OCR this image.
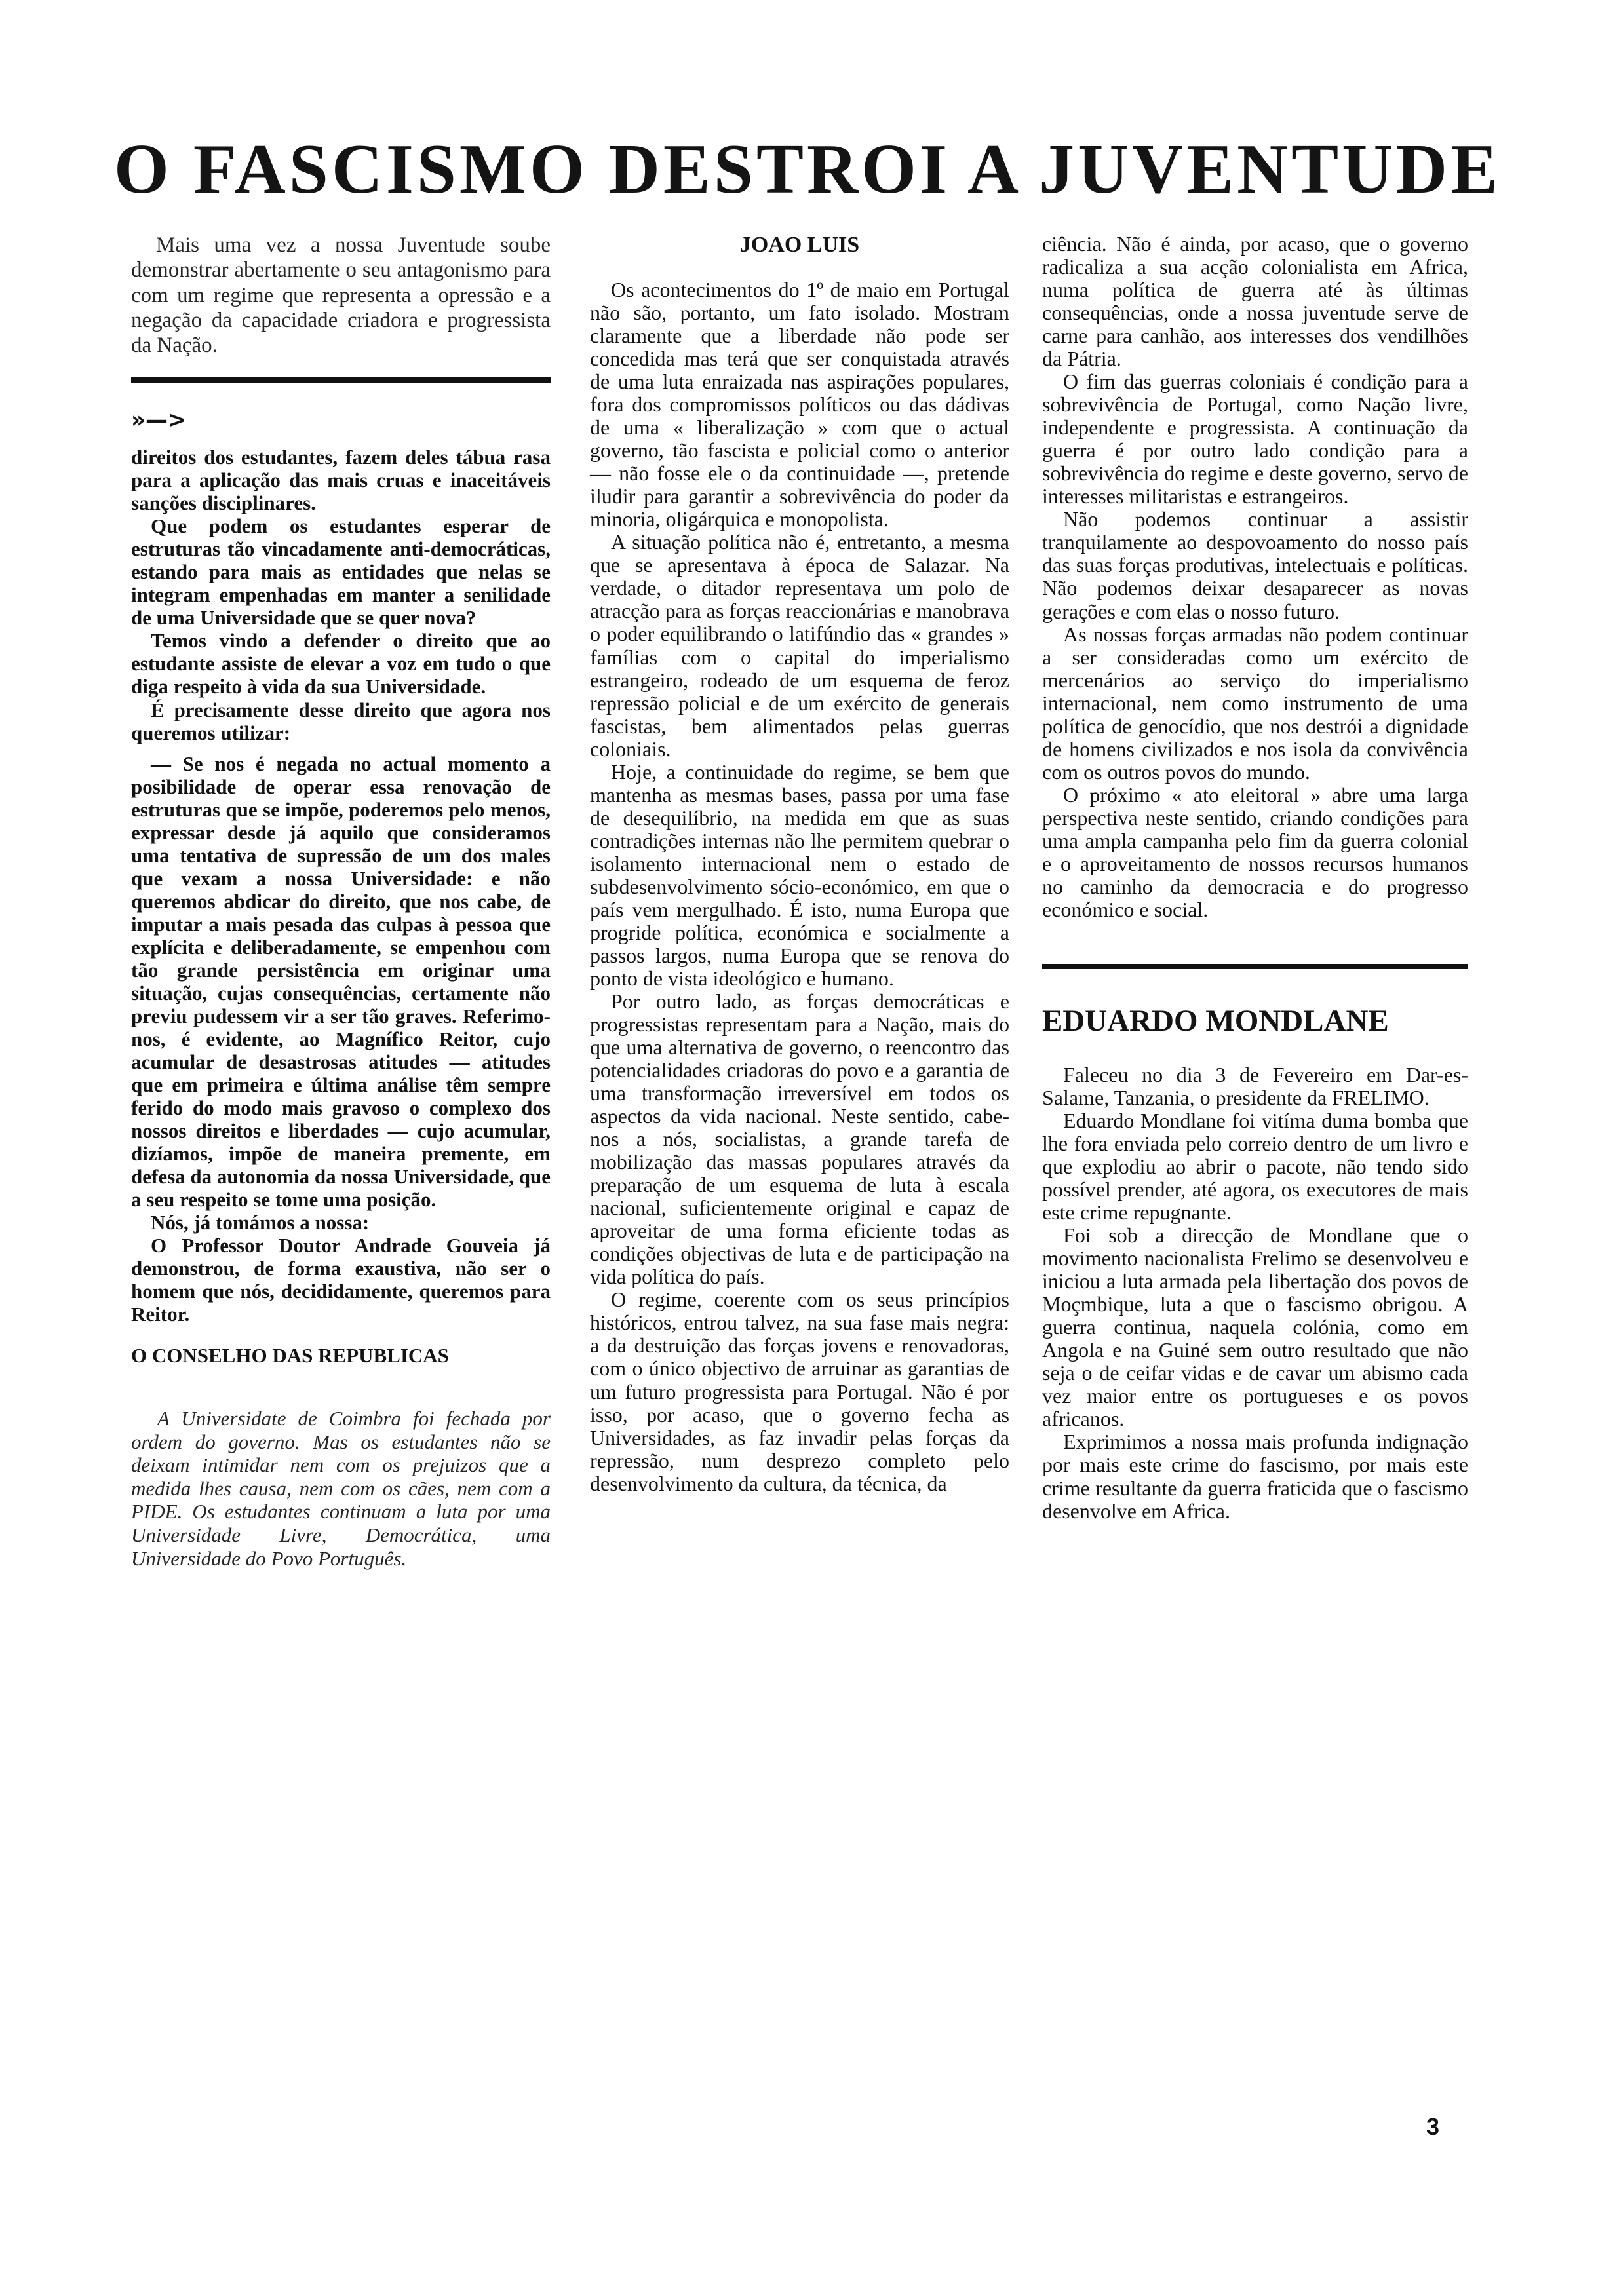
O FASCISMO DESTROI A JUVENTUDE

Mais uma vez a nossa Juventude soube demonstrar abertamente o seu antagonismo para com um regime que representa a opressão e a negação da capacidade criadora e progressista da Nação.

»—>

direitos dos estudantes, fazem deles tábua rasa para a aplicação das mais cruas e inaceitáveis sanções disciplinares.

Que podem os estudantes esperar de estruturas tão vincadamente anti-democráticas, estando para mais as entidades que nelas se integram empenhadas em manter a senilidade de uma Universidade que se quer nova?

Temos vindo a defender o direito que ao estudante assiste de elevar a voz em tudo o que diga respeito à vida da sua Universidade.

É precisamente desse direito que agora nos queremos utilizar:

— Se nos é negada no actual momento a posibilidade de operar essa renovação de estruturas que se impõe, poderemos pelo menos, expressar desde já aquilo que consideramos uma tentativa de supressão de um dos males que vexam a nossa Universidade: e não queremos abdicar do direito, que nos cabe, de imputar a mais pesada das culpas à pessoa que explícita e deliberadamente, se empenhou com tão grande persistência em originar uma situação, cujas consequências, certamente não previu pudessem vir a ser tão graves. Referimo-nos, é evidente, ao Magnífico Reitor, cujo acumular de desastrosas atitudes — atitudes que em primeira e última análise têm sempre ferido do modo mais gravoso o complexo dos nossos direitos e liberdades — cujo acumular, dizíamos, impõe de maneira premente, em defesa da autonomia da nossa Universidade, que a seu respeito se tome uma posição.

Nós, já tomámos a nossa:

O Professor Doutor Andrade Gouveia já demonstrou, de forma exaustiva, não ser o homem que nós, decididamente, queremos para Reitor.

O CONSELHO DAS REPUBLICAS

A Universidate de Coimbra foi fechada por ordem do governo. Mas os estudantes não se deixam intimidar nem com os prejuizos que a medida lhes causa, nem com os cães, nem com a PIDE. Os estudantes continuam a luta por uma Universidade Livre, Democrática, uma Universidade do Povo Português.

JOAO LUIS

Os acontecimentos do 1º de maio em Portugal não são, portanto, um fato isolado. Mostram claramente que a liberdade não pode ser concedida mas terá que ser conquistada através de uma luta enraizada nas aspirações populares, fora dos compromissos políticos ou das dádivas de uma « liberalização » com que o actual governo, tão fascista e policial como o anterior — não fosse ele o da continuidade —, pretende iludir para garantir a sobrevivência do poder da minoria, oligárquica e monopolista.

A situação política não é, entretanto, a mesma que se apresentava à época de Salazar. Na verdade, o ditador representava um polo de atracção para as forças reaccionárias e manobrava o poder equilibrando o latifúndio das « grandes » famílias com o capital do imperialismo estrangeiro, rodeado de um esquema de feroz repressão policial e de um exército de generais fascistas, bem alimentados pelas guerras coloniais.

Hoje, a continuidade do regime, se bem que mantenha as mesmas bases, passa por uma fase de desequilíbrio, na medida em que as suas contradições internas não lhe permitem quebrar o isolamento internacional nem o estado de subdesenvolvimento sócio-económico, em que o país vem mergulhado. É isto, numa Europa que progride política, económica e socialmente a passos largos, numa Europa que se renova do ponto de vista ideológico e humano.

Por outro lado, as forças democráticas e progressistas representam para a Nação, mais do que uma alternativa de governo, o reencontro das potencialidades criadoras do povo e a garantia de uma transformação irreversível em todos os aspectos da vida nacional. Neste sentido, cabe-nos a nós, socialistas, a grande tarefa de mobilização das massas populares através da preparação de um esquema de luta à escala nacional, suficientemente original e capaz de aproveitar de uma forma eficiente todas as condições objectivas de luta e de participação na vida política do país.

O regime, coerente com os seus princípios históricos, entrou talvez, na sua fase mais negra: a da destruição das forças jovens e renovadoras, com o único objectivo de arruinar as garantias de um futuro progressista para Portugal. Não é por isso, por acaso, que o governo fecha as Universidades, as faz invadir pelas forças da repressão, num desprezo completo pelo desenvolvimento da cultura, da técnica, da

ciência. Não é ainda, por acaso, que o governo radicaliza a sua acção colonialista em Africa, numa política de guerra até às últimas consequências, onde a nossa juventude serve de carne para canhão, aos interesses dos vendilhões da Pátria.

O fim das guerras coloniais é condição para a sobrevivência de Portugal, como Nação livre, independente e progressista. A continuação da guerra é por outro lado condição para a sobrevivência do regime e deste governo, servo de interesses militaristas e estrangeiros.

Não podemos continuar a assistir tranquilamente ao despovoamento do nosso país das suas forças produtivas, intelectuais e políticas. Não podemos deixar desaparecer as novas gerações e com elas o nosso futuro.

As nossas forças armadas não podem continuar a ser consideradas como um exército de mercenários ao serviço do imperialismo internacional, nem como instrumento de uma política de genocídio, que nos destrói a dignidade de homens civilizados e nos isola da convivência com os outros povos do mundo.

O próximo « ato eleitoral » abre uma larga perspectiva neste sentido, criando condições para uma ampla campanha pelo fim da guerra colonial e o aproveitamento de nossos recursos humanos no caminho da democracia e do progresso económico e social.

EDUARDO MONDLANE

Faleceu no dia 3 de Fevereiro em Dar-es-Salame, Tanzania, o presidente da FRELIMO.

Eduardo Mondlane foi vitíma duma bomba que lhe fora enviada pelo correio dentro de um livro e que explodiu ao abrir o pacote, não tendo sido possível prender, até agora, os executores de mais este crime repugnante.

Foi sob a direcção de Mondlane que o movimento nacionalista Frelimo se desenvolveu e iniciou a luta armada pela libertação dos povos de Moçmbique, luta a que o fascismo obrigou. A guerra continua, naquela colónia, como em Angola e na Guiné sem outro resultado que não seja o de ceifar vidas e de cavar um abismo cada vez maior entre os portugueses e os povos africanos.

Exprimimos a nossa mais profunda indignação por mais este crime do fascismo, por mais este crime resultante da guerra fraticida que o fascismo desenvolve em Africa.

3
